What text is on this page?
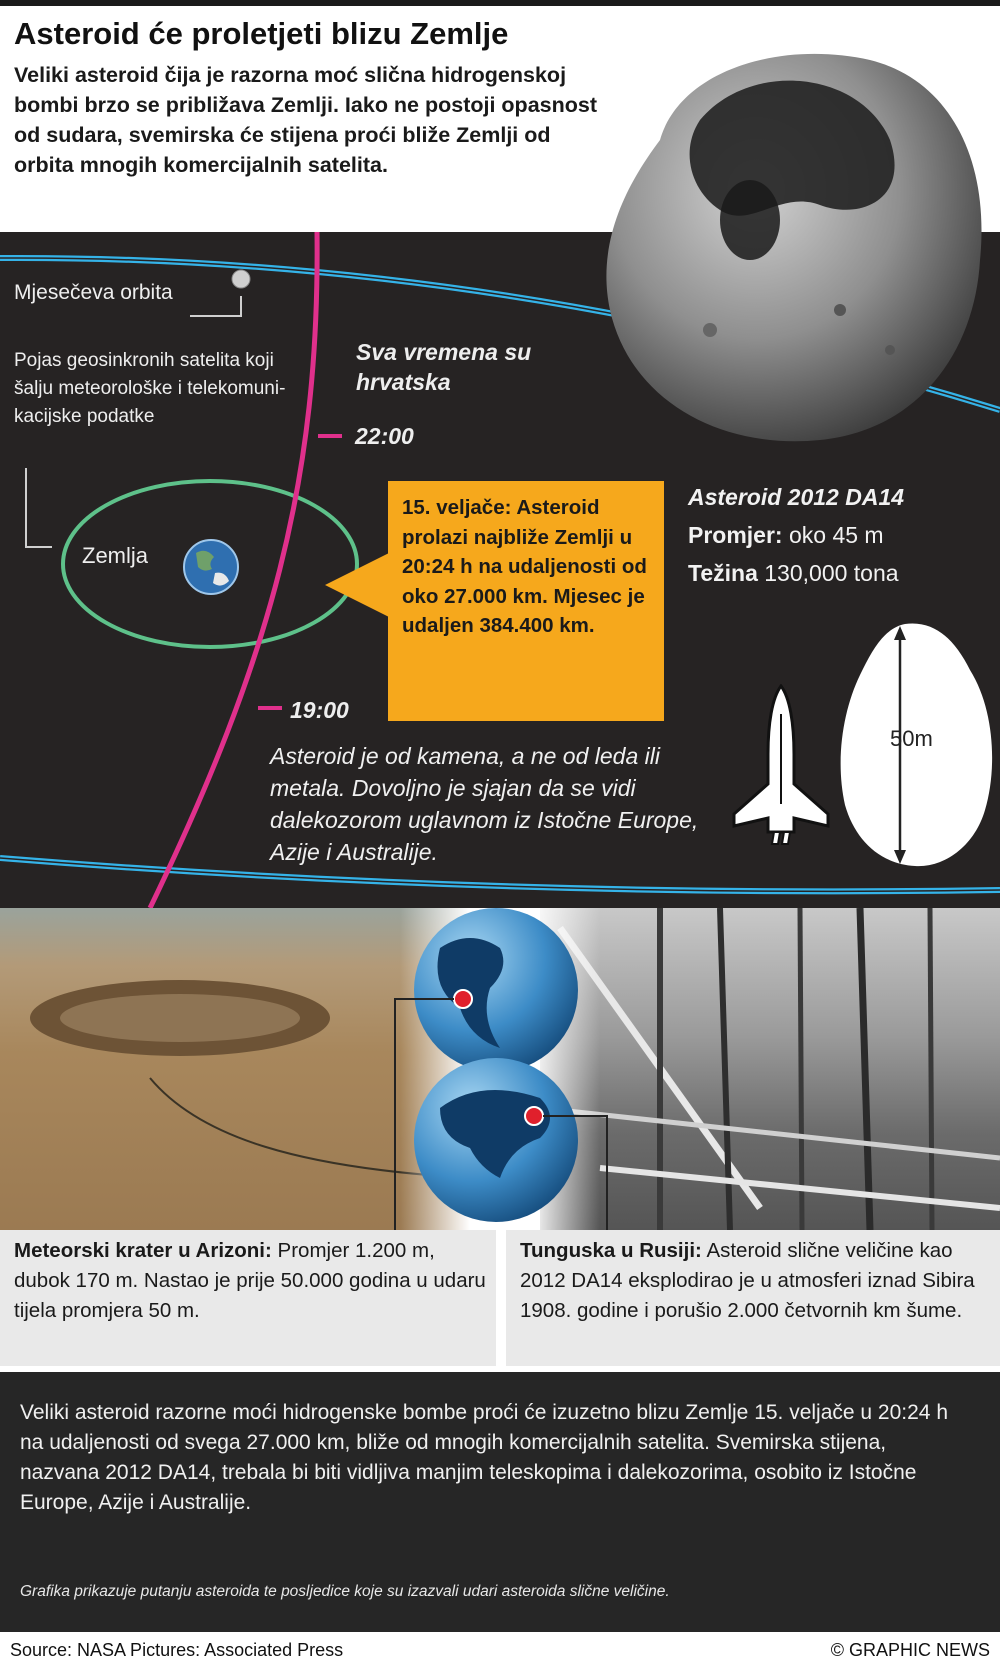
Asteroid će proletjeti blizu Zemlje
Veliki asteroid čija je razorna moć slična hidrogenskoj bombi brzo se približava Zemlji. Iako ne postoji opasnost od sudara, svemirska će stijena proći bliže Zemlji od orbita mnogih komercijalnih satelita.
Mjesečeva orbita
Pojas geosinkronih satelita koji šalju meteorološke i telekomuni-kacijske podatke
Zemlja
Sva vremena su hrvatska
22:00
19:00
15. veljače: Asteroid prolazi najbliže Zemlji u 20:24 h na udaljenosti od oko 27.000 km. Mjesec je udaljen 384.400 km.
Asteroid 2012 DA14
Promjer: oko 45 m
Težina 130,000 tona
Asteroid je od kamena, a ne od leda ili metala. Dovoljno je sjajan da se vidi dalekozorom uglavnom iz Istočne Europe, Azije i Australije.
50m
Meteorski krater u Arizoni: Promjer 1.200 m, dubok 170 m. Nastao je prije 50.000 godina u udaru tijela promjera 50 m.
Tunguska u Rusiji: Asteroid slične veličine kao 2012 DA14 eksplodirao je u atmosferi iznad Sibira 1908. godine i porušio 2.000 četvornih km šume.
Veliki asteroid razorne moći hidrogenske bombe proći će izuzetno blizu Zemlje 15. veljače u 20:24 h na udaljenosti od svega 27.000 km, bliže od mnogih komercijalnih satelita. Svemirska stijena, nazvana 2012 DA14, trebala bi biti vidljiva manjim teleskopima i dalekozorima, osobito iz Istočne Europe, Azije i Australije.
Grafika prikazuje putanju asteroida te posljedice koje su izazvali udari asteroida slične veličine.
Source: NASA Pictures: Associated Press	© GRAPHIC NEWS
